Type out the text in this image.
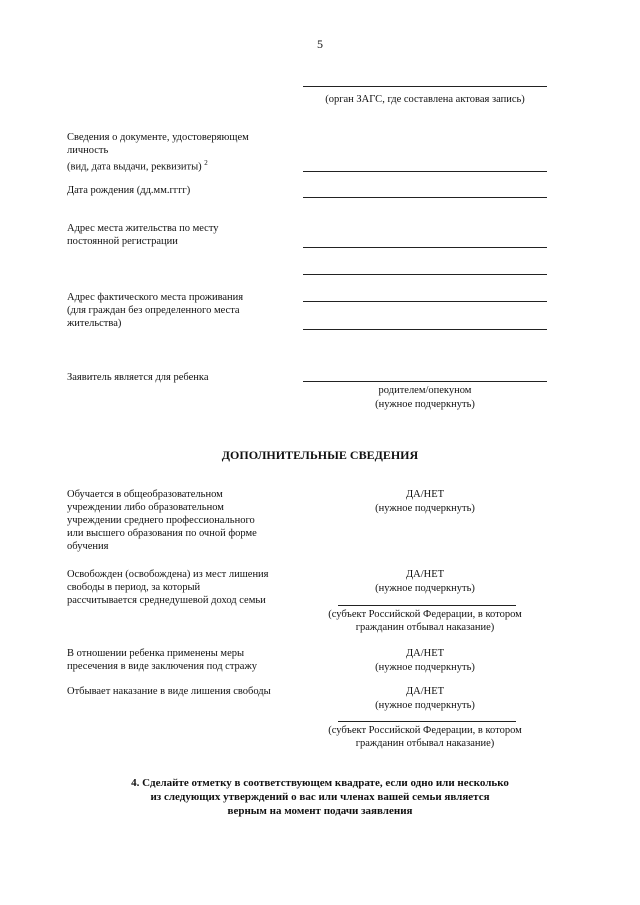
5
(орган ЗАГС, где составлена актовая запись)
Сведения о документе, удостоверяющем
личность
(вид, дата выдачи, реквизиты) $^2$
Дата рождения (дд.мм.гггг)
Адрес места жительства по месту
постоянной регистрации
Адрес фактического места проживания
(для граждан без определенного места
жительства)
Заявитель является для ребенка
родителем/опекуном
(нужное подчеркнуть)
ДОПОЛНИТЕЛЬНЫЕ СВЕДЕНИЯ
Обучается в общеобразовательном
учреждении либо образовательном
учреждении среднего профессионального
или высшего образования по очной форме
обучения
ДА/НЕТ
(нужное подчеркнуть)
Освобожден (освобождена) из мест лишения
свободы в период, за который
рассчитывается среднедушевой доход семьи
ДА/НЕТ
(нужное подчеркнуть)
(субъект Российской Федерации, в котором
гражданин отбывал наказание)
В отношении ребенка применены меры
пресечения в виде заключения под стражу
ДА/НЕТ
(нужное подчеркнуть)
Отбывает наказание в виде лишения свободы	ДА/НЕТ
(нужное подчеркнуть)
(субъект Российской Федерации, в котором
гражданин отбывал наказание)
4. Сделайте отметку в соответствующем квадрате, если одно или несколько
из следующих утверждений о вас или членах вашей семьи является
верным на момент подачи заявления
